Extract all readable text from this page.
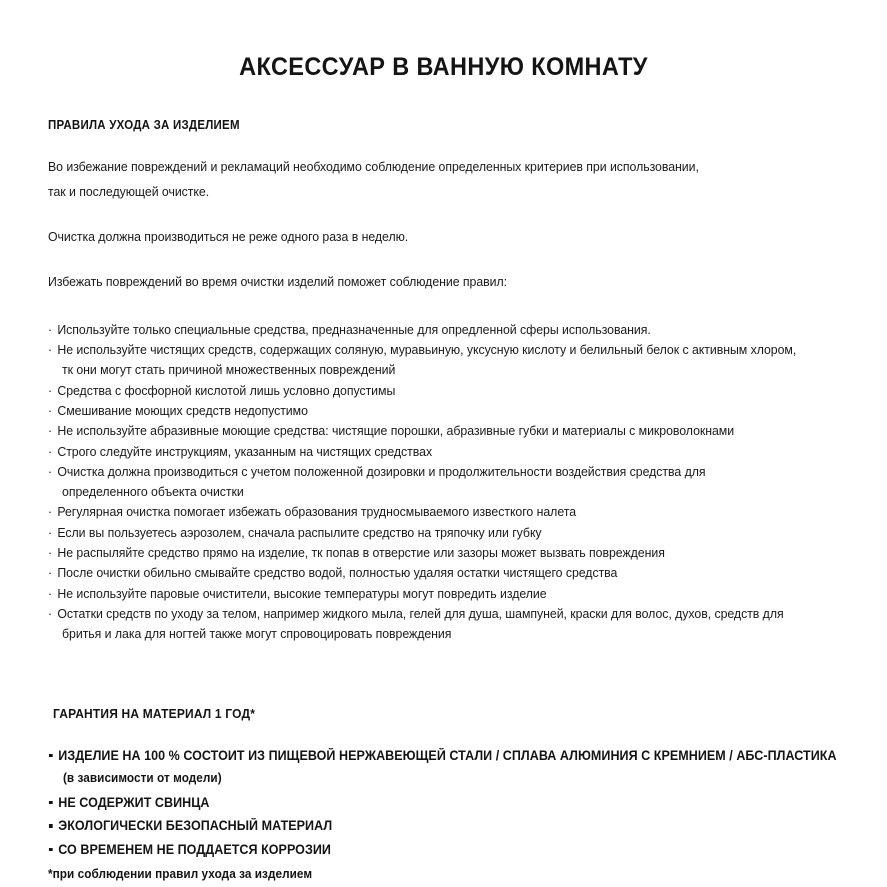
АКСЕССУАР В ВАННУЮ КОМНАТУ
ПРАВИЛА УХОДА ЗА ИЗДЕЛИЕМ
Во избежание повреждений и рекламаций необходимо соблюдение определенных критериев при использовании,
так и последующей очистке.
Очистка должна производиться не реже одного раза в неделю.
Избежать повреждений во время очистки изделий поможет соблюдение правил:
· Используйте только специальные средства, предназначенные для опредленной сферы использования.
· Не используйте чистящих средств, содержащих соляную, муравьиную, уксусную кислоту и белильный белок с активным хлором,
тк они могут стать причиной множественных повреждений
· Средства с фосфорной кислотой лишь условно допустимы
· Смешивание моющих средств недопустимо
· Не используйте абразивные моющие средства: чистящие порошки, абразивные губки и материалы с микроволокнами
· Строго следуйте инструкциям, указанным на чистящих средствах
· Очистка должна производиться с учетом положенной дозировки и продолжительности воздействия средства для
определенного объекта очистки
· Регулярная очистка помогает избежать образования трудносмываемого известкого налета
· Если вы пользуетесь аэрозолем, сначала распылите средство на тряпочку или губку
· Не распыляйте средство прямо на изделие, тк попав в отверстие или зазоры может вызвать повреждения
· После очистки обильно смывайте средство водой, полностью удаляя остатки чистящего средства
· Не используйте паровые очистители, высокие температуры могут повредить изделие
· Остатки средств по уходу за телом, например жидкого мыла, гелей для душа, шампуней, краски для волос, духов, средств для
бритья и лака для ногтей также могут спровоцировать повреждения
ГАРАНТИЯ НА МАТЕРИАЛ 1 ГОД*
ИЗДЕЛИЕ НА 100 % СОСТОИТ ИЗ ПИЩЕВОЙ НЕРЖАВЕЮЩЕЙ СТАЛИ / СПЛАВА АЛЮМИНИЯ С КРЕМНИЕМ / АБС-ПЛАСТИКА
(в зависимости от модели)
НЕ СОДЕРЖИТ СВИНЦА
ЭКОЛОГИЧЕСКИ БЕЗОПАСНЫЙ МАТЕРИАЛ
СО ВРЕМЕНЕМ НЕ ПОДДАЕТСЯ КОРРОЗИИ
*при соблюдении правил ухода за изделием
